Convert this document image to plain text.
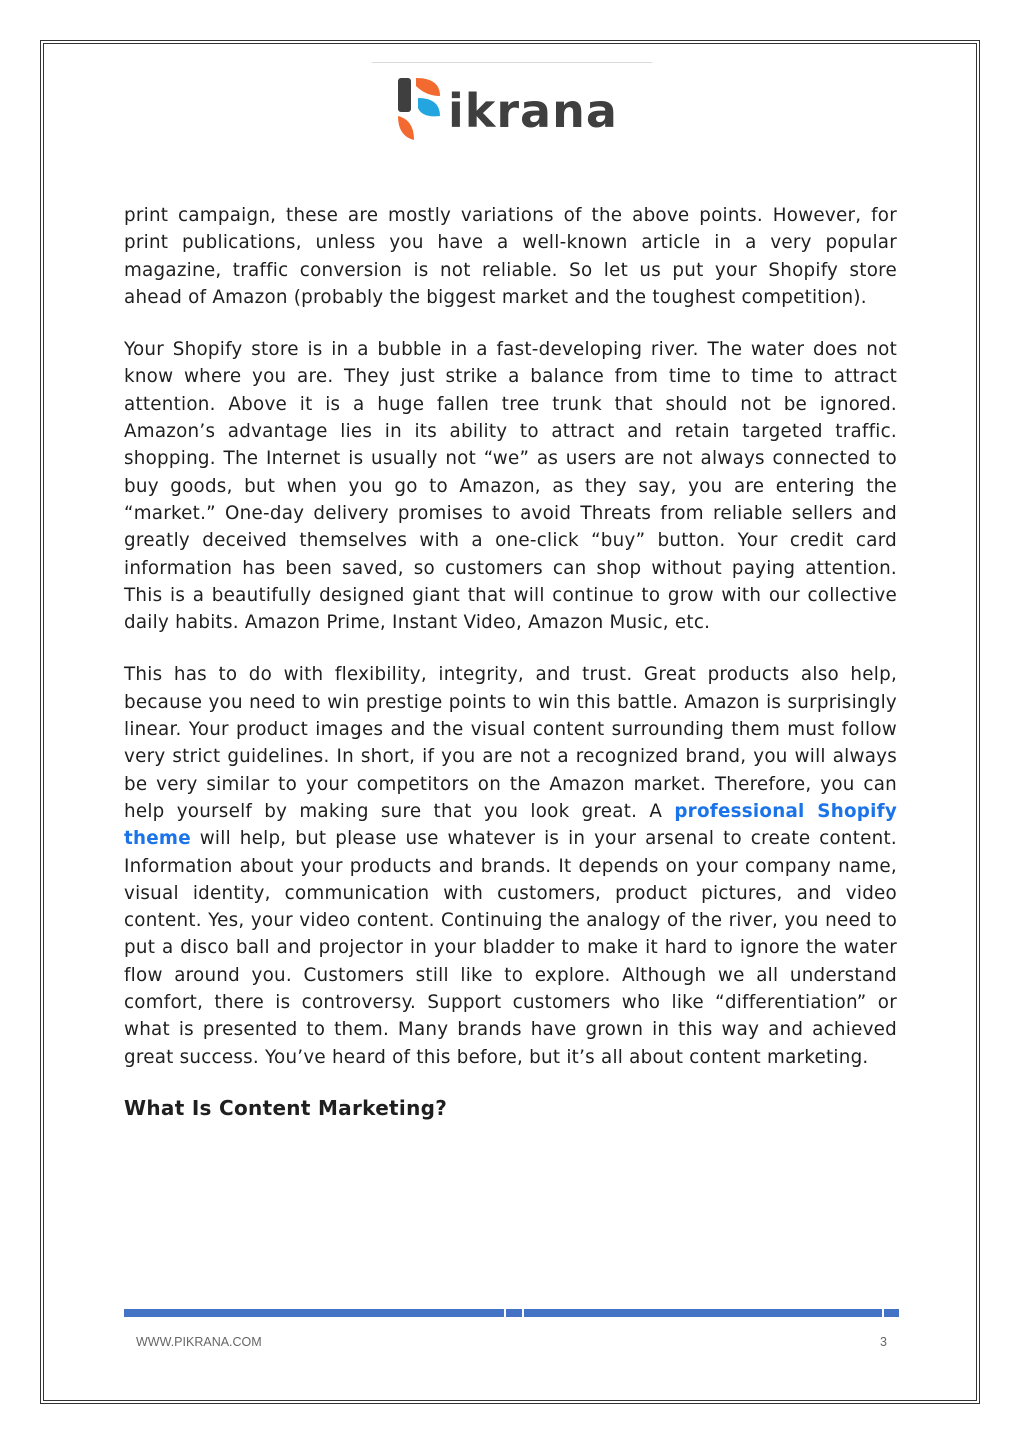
ikrana

print campaign, these are mostly variations of the above points. However, for print publications, unless you have a well-known article in a very popular magazine, traffic conversion is not reliable. So let us put your Shopify store ahead of Amazon (probably the biggest market and the toughest competition).

Your Shopify store is in a bubble in a fast-developing river. The water does not know where you are. They just strike a balance from time to time to attract attention. Above it is a huge fallen tree trunk that should not be ignored. Amazon’s advantage lies in its ability to attract and retain targeted traffic. shopping. The Internet is usually not “we” as users are not always connected to buy goods, but when you go to Amazon, as they say, you are entering the “market.” One-day delivery promises to avoid Threats from reliable sellers and greatly deceived themselves with a one-click “buy” button. Your credit card information has been saved, so customers can shop without paying attention. This is a beautifully designed giant that will continue to grow with our collective daily habits. Amazon Prime, Instant Video, Amazon Music, etc.

This has to do with flexibility, integrity, and trust. Great products also help, because you need to win prestige points to win this battle. Amazon is surprisingly linear. Your product images and the visual content surrounding them must follow very strict guidelines. In short, if you are not a recognized brand, you will always be very similar to your competitors on the Amazon market. Therefore, you can help yourself by making sure that you look great. A professional Shopify theme will help, but please use whatever is in your arsenal to create content. Information about your products and brands. It depends on your company name, visual identity, communication with customers, product pictures, and video content. Yes, your video content. Continuing the analogy of the river, you need to put a disco ball and projector in your bladder to make it hard to ignore the water flow around you. Customers still like to explore. Although we all understand comfort, there is controversy. Support customers who like “differentiation” or what is presented to them. Many brands have grown in this way and achieved great success. You’ve heard of this before, but it’s all about content marketing.

What Is Content Marketing?
WWW.PIKRANA.COM	3
